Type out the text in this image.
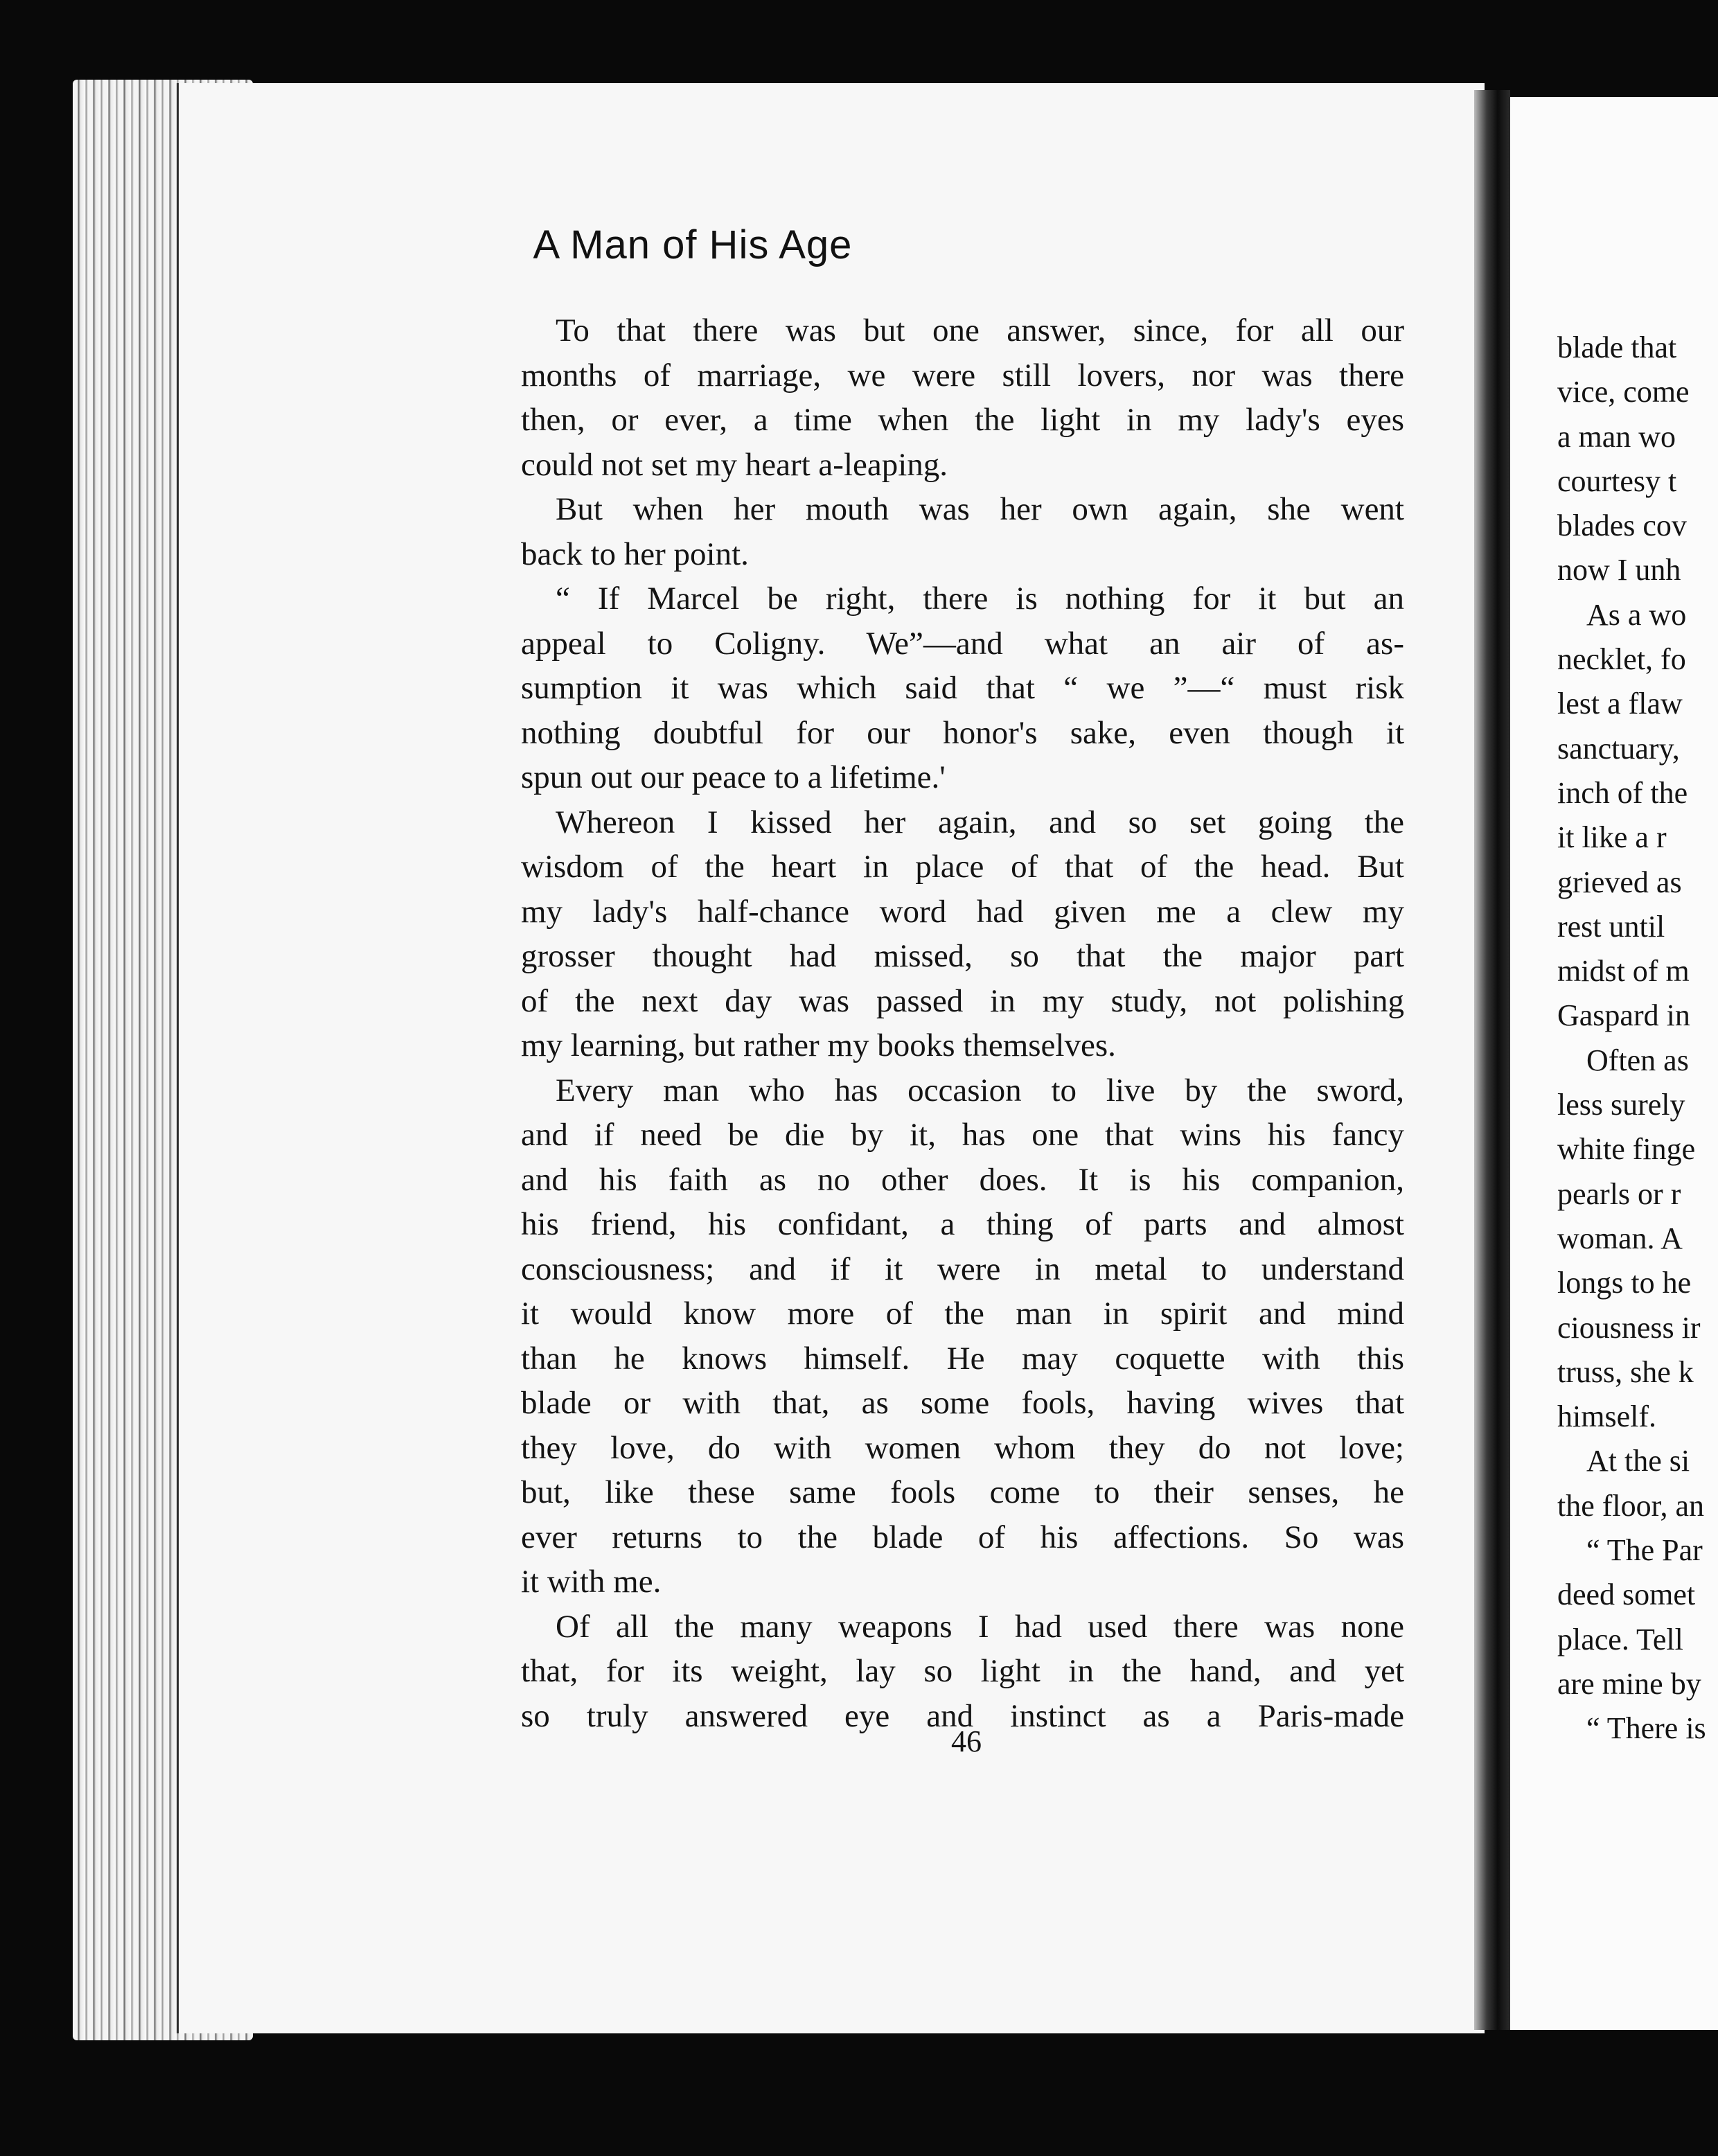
A Man of His Age
To that there was but one answer, since, for all our
months of marriage, we were still lovers, nor was there
then, or ever, a time when the light in my lady's eyes
could not set my heart a-leaping.
But when her mouth was her own again, she went
back to her point.
“ If Marcel be right, there is nothing for it but an
appeal to Coligny. We”—and what an air of as-
sumption it was which said that “ we ”—“ must risk
nothing doubtful for our honor's sake, even though it
spun out our peace to a lifetime.'
Whereon I kissed her again, and so set going the
wisdom of the heart in place of that of the head. But
my lady's half-chance word had given me a clew my
grosser thought had missed, so that the major part
of the next day was passed in my study, not polishing
my learning, but rather my books themselves.
Every man who has occasion to live by the sword,
and if need be die by it, has one that wins his fancy
and his faith as no other does. It is his companion,
his friend, his confidant, a thing of parts and almost
consciousness; and if it were in metal to understand
it would know more of the man in spirit and mind
than he knows himself. He may coquette with this
blade or with that, as some fools, having wives that
they love, do with women whom they do not love;
but, like these same fools come to their senses, he
ever returns to the blade of his affections. So was
it with me.
Of all the many weapons I had used there was none
that, for its weight, lay so light in the hand, and yet
so truly answered eye and instinct as a Paris-made
46
blade that
vice, come
a man wo
courtesy t
blades cov
now I unh
As a wo
necklet, fo
lest a flaw
sanctuary,
inch of the
it like a r
grieved as
rest until
midst of m
Gaspard in
Often as
less surely
white finge
pearls or r
woman. A
longs to he
ciousness ir
truss, she k
himself.
At the si
the floor, an
“ The Par
deed somet
place. Tell
are mine by
“ There is
